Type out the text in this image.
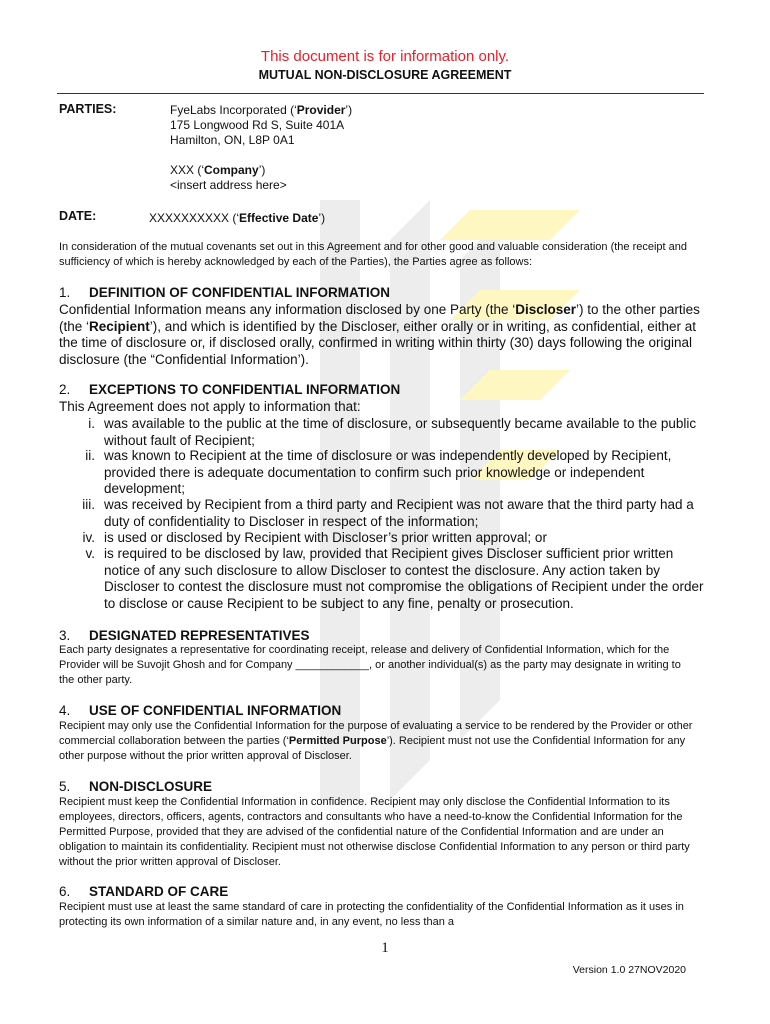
This document is for information only.
MUTUAL NON-DISCLOSURE AGREEMENT
PARTIES:	FyeLabs Incorporated (‘Provider’)
175 Longwood Rd S, Suite 401A
Hamilton, ON, L8P 0A1
XXX (‘Company’)
<insert address here>
DATE:	XXXXXXXXXX (‘Effective Date’)
In consideration of the mutual covenants set out in this Agreement and for other good and valuable consideration (the receipt and sufficiency of which is hereby acknowledged by each of the Parties), the Parties agree as follows:
1. DEFINITION OF CONFIDENTIAL INFORMATION
Confidential Information means any information disclosed by one Party (the ‘Discloser’) to the other parties (the ‘Recipient’), and which is identified by the Discloser, either orally or in writing, as confidential, either at the time of disclosure or, if disclosed orally, confirmed in writing within thirty (30) days following the original disclosure (the “Confidential Information’).
2. EXCEPTIONS TO CONFIDENTIAL INFORMATION
This Agreement does not apply to information that:
i. was available to the public at the time of disclosure, or subsequently became available to the public without fault of Recipient;
ii. was known to Recipient at the time of disclosure or was independently developed by Recipient, provided there is adequate documentation to confirm such prior knowledge or independent development;
iii. was received by Recipient from a third party and Recipient was not aware that the third party had a duty of confidentiality to Discloser in respect of the information;
iv. is used or disclosed by Recipient with Discloser’s prior written approval; or
v. is required to be disclosed by law, provided that Recipient gives Discloser sufficient prior written notice of any such disclosure to allow Discloser to contest the disclosure. Any action taken by Discloser to contest the disclosure must not compromise the obligations of Recipient under the order to disclose or cause Recipient to be subject to any fine, penalty or prosecution.
3. DESIGNATED REPRESENTATIVES
Each party designates a representative for coordinating receipt, release and delivery of Confidential Information, which for the Provider will be Suvojit Ghosh and for Company ____________, or another individual(s) as the party may designate in writing to the other party.
4. USE OF CONFIDENTIAL INFORMATION
Recipient may only use the Confidential Information for the purpose of evaluating a service to be rendered by the Provider or other commercial collaboration between the parties (‘Permitted Purpose’). Recipient must not use the Confidential Information for any other purpose without the prior written approval of Discloser.
5. NON-DISCLOSURE
Recipient must keep the Confidential Information in confidence. Recipient may only disclose the Confidential Information to its employees, directors, officers, agents, contractors and consultants who have a need-to-know the Confidential Information for the Permitted Purpose, provided that they are advised of the confidential nature of the Confidential Information and are under an obligation to maintain its confidentiality. Recipient must not otherwise disclose Confidential Information to any person or third party without the prior written approval of Discloser.
6. STANDARD OF CARE
Recipient must use at least the same standard of care in protecting the confidentiality of the Confidential Information as it uses in protecting its own information of a similar nature and, in any event, no less than a
1
Version 1.0 27NOV2020
